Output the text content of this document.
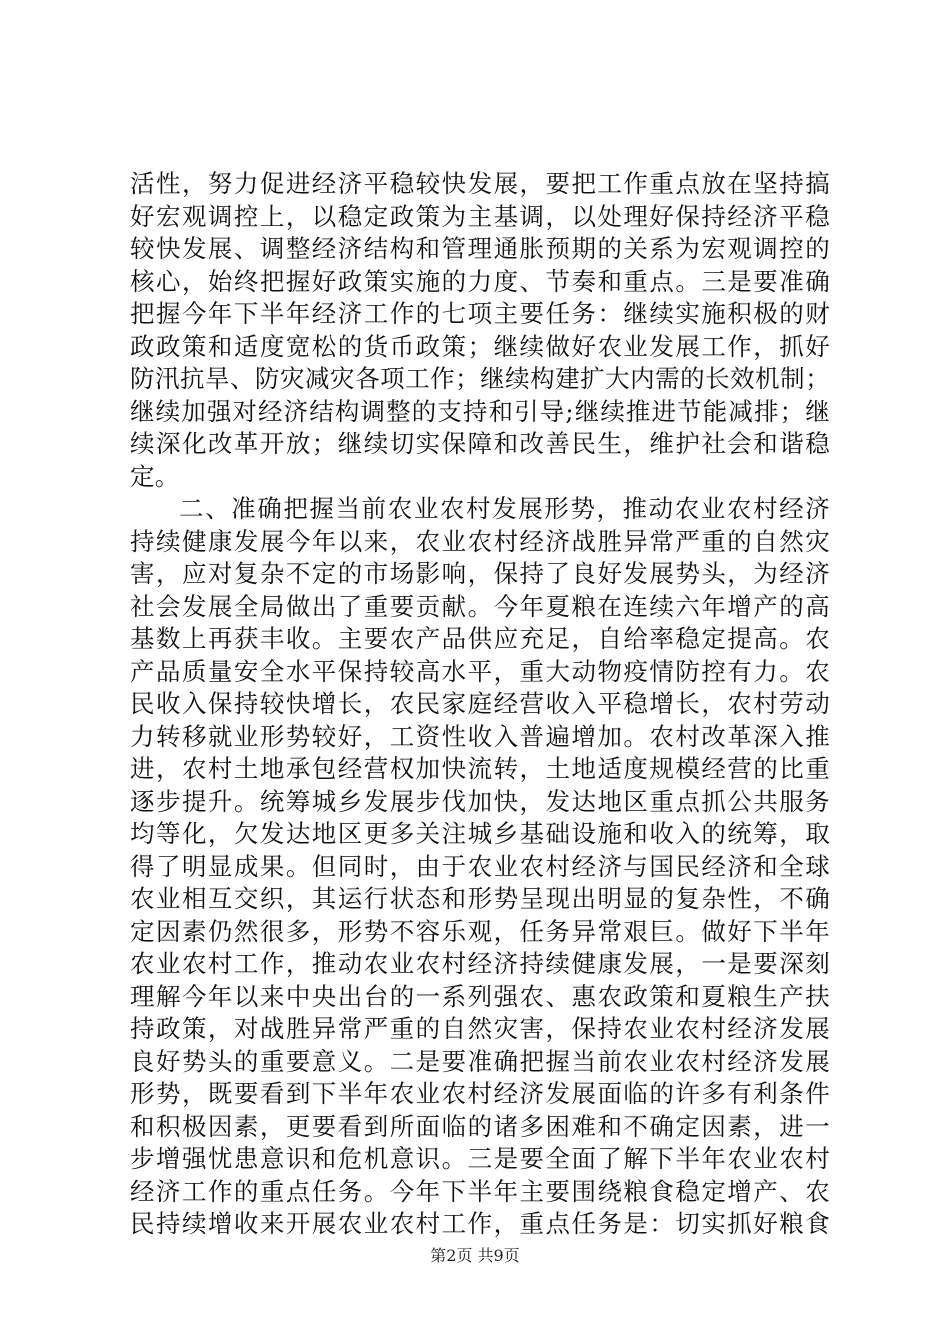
活性，努力促进经济平稳较快发展，要把工作重点放在坚持搞
好宏观调控上，以稳定政策为主基调，以处理好保持经济平稳
较快发展、调整经济结构和管理通胀预期的关系为宏观调控的
核心，始终把握好政策实施的力度、节奏和重点。三是要准确
把握今年下半年经济工作的七项主要任务：继续实施积极的财
政政策和适度宽松的货币政策；继续做好农业发展工作，抓好
防汛抗旱、防灾减灾各项工作；继续构建扩大内需的长效机制；
继续加强对经济结构调整的支持和引导;继续推进节能减排；继
续深化改革开放；继续切实保障和改善民生，维护社会和谐稳
定。
二、准确把握当前农业农村发展形势，推动农业农村经济
持续健康发展今年以来，农业农村经济战胜异常严重的自然灾
害，应对复杂不定的市场影响，保持了良好发展势头，为经济
社会发展全局做出了重要贡献。今年夏粮在连续六年增产的高
基数上再获丰收。主要农产品供应充足，自给率稳定提高。农
产品质量安全水平保持较高水平，重大动物疫情防控有力。农
民收入保持较快增长，农民家庭经营收入平稳增长，农村劳动
力转移就业形势较好，工资性收入普遍增加。农村改革深入推
进，农村土地承包经营权加快流转，土地适度规模经营的比重
逐步提升。统筹城乡发展步伐加快，发达地区重点抓公共服务
均等化，欠发达地区更多关注城乡基础设施和收入的统筹，取
得了明显成果。但同时，由于农业农村经济与国民经济和全球
农业相互交织，其运行状态和形势呈现出明显的复杂性，不确
定因素仍然很多，形势不容乐观，任务异常艰巨。做好下半年
农业农村工作，推动农业农村经济持续健康发展，一是要深刻
理解今年以来中央出台的一系列强农、惠农政策和夏粮生产扶
持政策，对战胜异常严重的自然灾害，保持农业农村经济发展
良好势头的重要意义。二是要准确把握当前农业农村经济发展
形势，既要看到下半年农业农村经济发展面临的许多有利条件
和积极因素，更要看到所面临的诸多困难和不确定因素，进一
步增强忧患意识和危机意识。三是要全面了解下半年农业农村
经济工作的重点任务。今年下半年主要围绕粮食稳定增产、农
民持续增收来开展农业农村工作，重点任务是：切实抓好粮食
第2页 共9页
